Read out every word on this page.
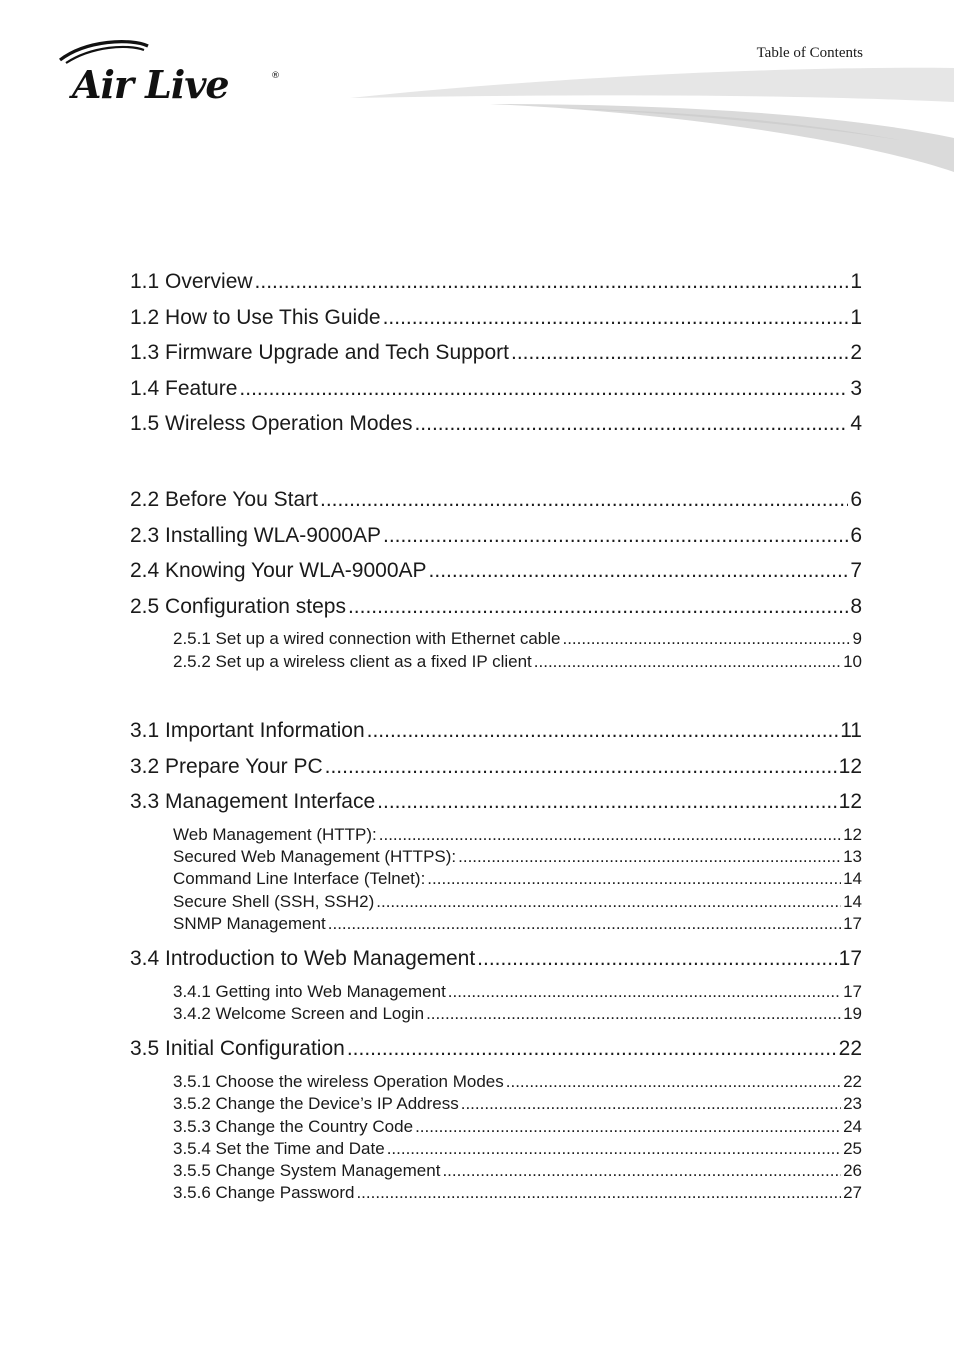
Air Live	®
Table of Contents
1.1 Overview .....	1
1.2 How to Use This Guide .....	1
1.3 Firmware Upgrade and Tech Support .....	2
1.4 Feature .....	3
1.5 Wireless Operation Modes .....	4
2.2 Before You Start .....	6
2.3 Installing WLA-9000AP .....	6
2.4 Knowing Your WLA-9000AP .....	7
2.5 Configuration steps .....	8
2.5.1 Set up a wired connection with Ethernet cable .....	9
2.5.2 Set up a wireless client as a fixed IP client .....	10
3.1 Important Information .....	11
3.2 Prepare Your PC .....	12
3.3 Management Interface .....	12
Web Management (HTTP): .....	12
Secured Web Management (HTTPS): .....	13
Command Line Interface (Telnet): .....	14
Secure Shell (SSH, SSH2) .....	14
SNMP Management .....	17
3.4 Introduction to Web Management .....	17
3.4.1 Getting into Web Management .....	17
3.4.2 Welcome Screen and Login .....	19
3.5 Initial Configuration .....	22
3.5.1 Choose the wireless Operation Modes .....	22
3.5.2 Change the Device’s IP Address .....	23
3.5.3 Change the Country Code .....	24
3.5.4 Set the Time and Date .....	25
3.5.5 Change System Management .....	26
3.5.6 Change Password .....	27
